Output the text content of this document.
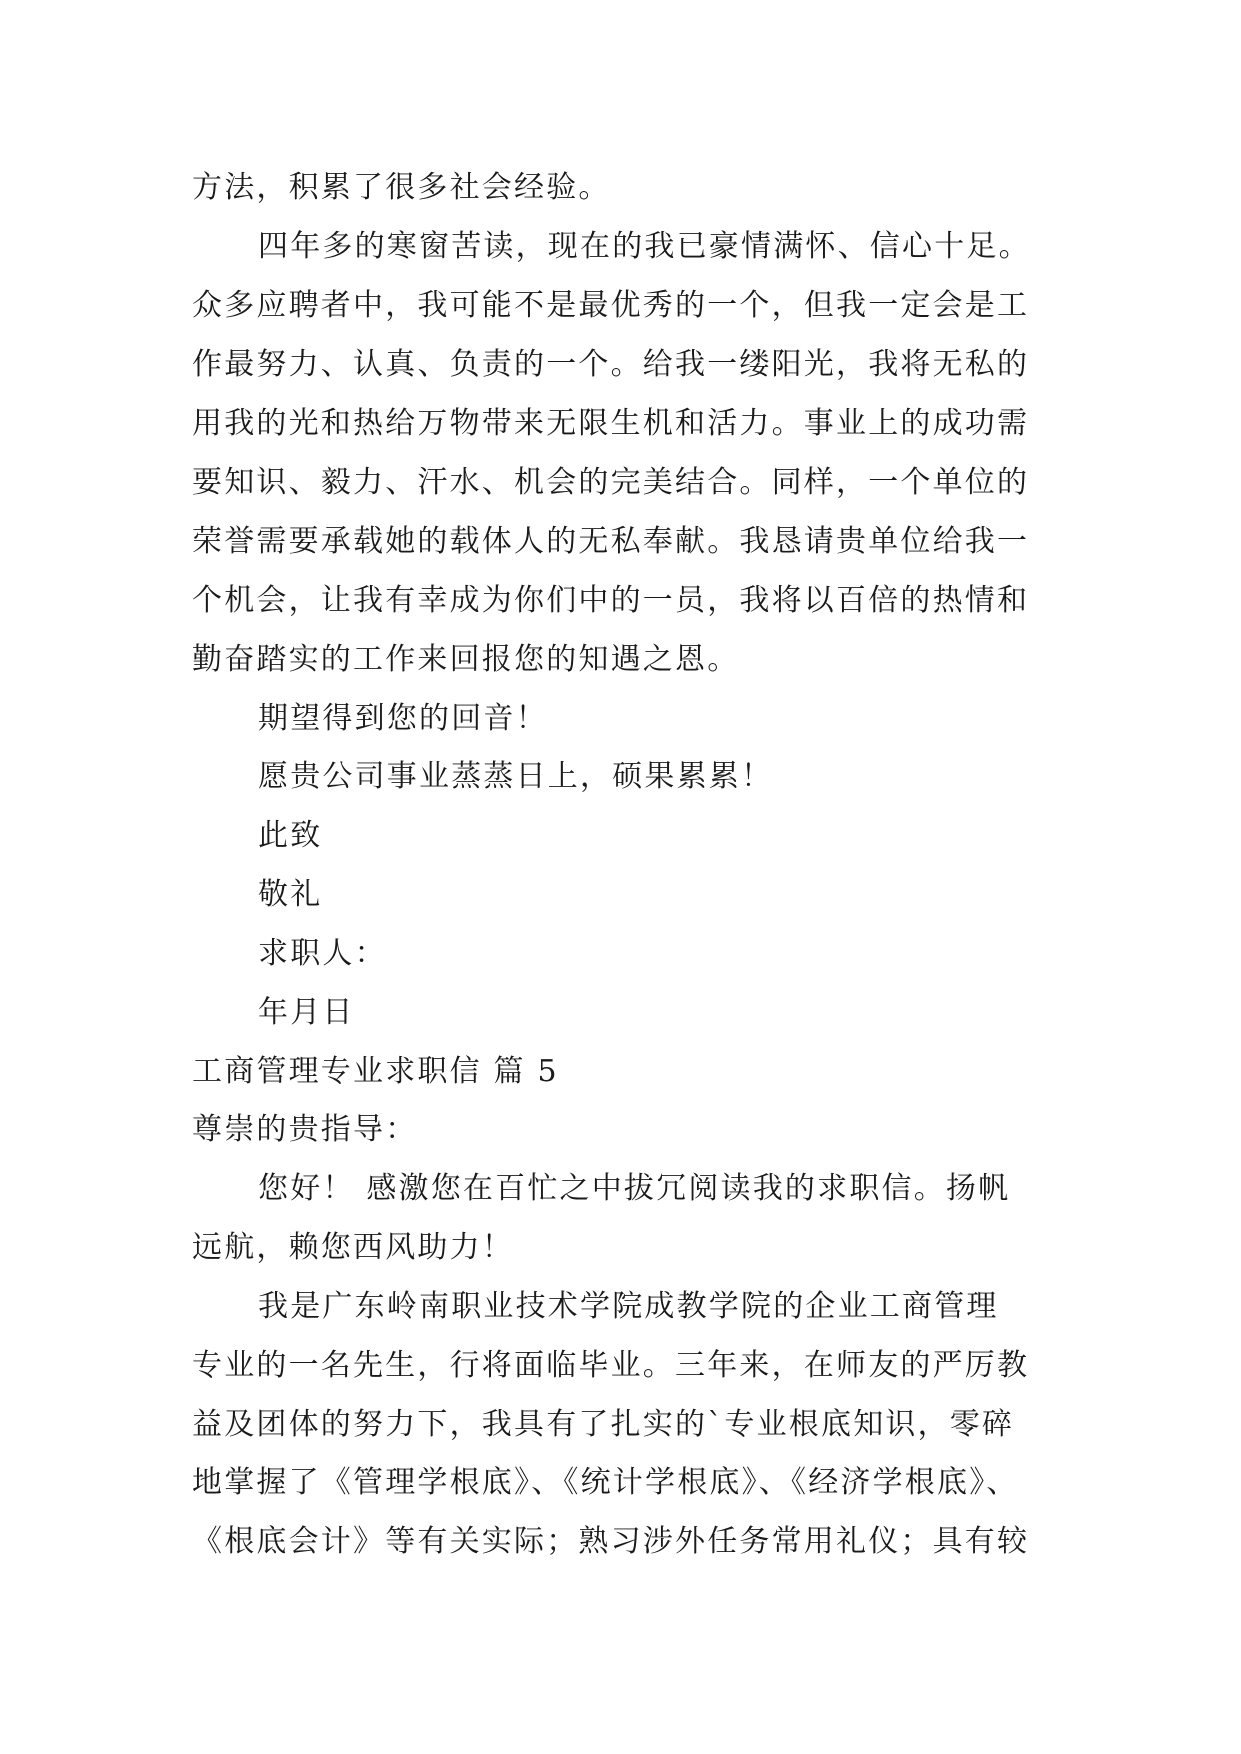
方法，积累了很多社会经验。
四年多的寒窗苦读，现在的我已豪情满怀、信心十足。
众多应聘者中，我可能不是最优秀的一个，但我一定会是工
作最努力、认真、负责的一个。给我一缕阳光，我将无私的
用我的光和热给万物带来无限生机和活力。事业上的成功需
要知识、毅力、汗水、机会的完美结合。同样，一个单位的
荣誉需要承载她的载体人的无私奉献。我恳请贵单位给我一
个机会，让我有幸成为你们中的一员，我将以百倍的热情和
勤奋踏实的工作来回报您的知遇之恩。
期望得到您的回音！
愿贵公司事业蒸蒸日上，硕果累累！
此致
敬礼
求职人：
年月日
工商管理专业求职信 篇 5
尊崇的贵指导：
您好！ 感激您在百忙之中拔冗阅读我的求职信。扬帆
远航，赖您西风助力！
我是广东岭南职业技术学院成教学院的企业工商管理
专业的一名先生，行将面临毕业。三年来，在师友的严厉教
益及团体的努力下，我具有了扎实的`专业根底知识，零碎
地掌握了《管理学根底》、《统计学根底》、《经济学根底》、
《根底会计》等有关实际；熟习涉外任务常用礼仪；具有较
